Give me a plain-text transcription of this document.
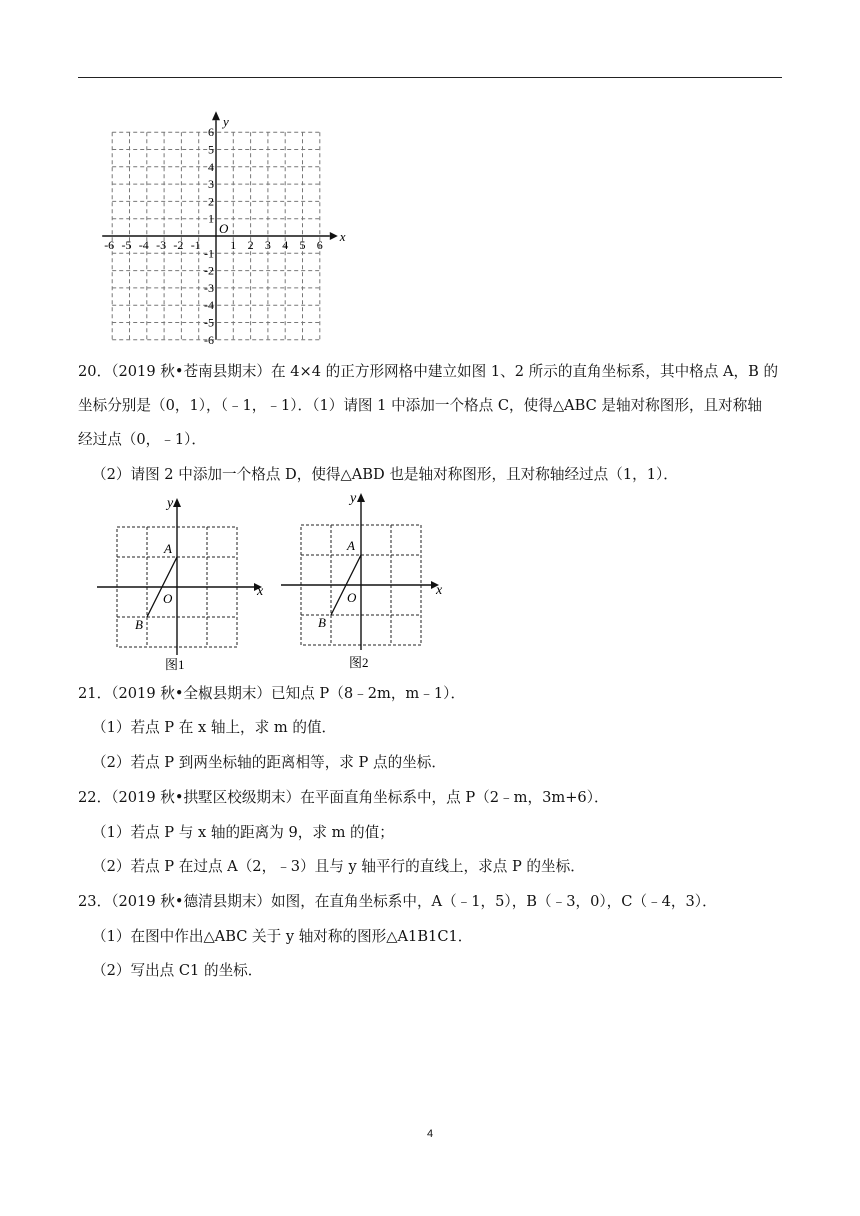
-6 -5 -4 -3 -2 -1 1 2 3 4 5 6
6
5
4
3
2
1
-1
-2
-3
-4
-5
-6
x
y
O
20．（2019 秋•苍南县期末）在 4×4 的正方形网格中建立如图 1、2 所示的直角坐标系，其中格点 A，B 的
坐标分别是（0，1），（﹣1，﹣1）．（1）请图 1 中添加一个格点 C，使得△ABC 是轴对称图形，且对称轴
经过点（0，﹣1）．
（2）请图 2 中添加一个格点 D，使得△ABD 也是轴对称图形，且对称轴经过点（1，1）．
x
y
O
A
B
图1
x
y
O
A
B
图2
21．（2019 秋•全椒县期末）已知点 P（8﹣2m，m﹣1）．
（1）若点 P 在 x 轴上，求 m 的值．
（2）若点 P 到两坐标轴的距离相等，求 P 点的坐标．
22．（2019 秋•拱墅区校级期末）在平面直角坐标系中，点 P（2﹣m，3m+6）．
（1）若点 P 与 x 轴的距离为 9，求 m 的值；
（2）若点 P 在过点 A（2，﹣3）且与 y 轴平行的直线上，求点 P 的坐标．
23．（2019 秋•德清县期末）如图，在直角坐标系中，A（﹣1，5），B（﹣3，0），C（﹣4，3）．
（1）在图中作出△ABC 关于 y 轴对称的图形△A1B1C1．
（2）写出点 C1 的坐标．
4
